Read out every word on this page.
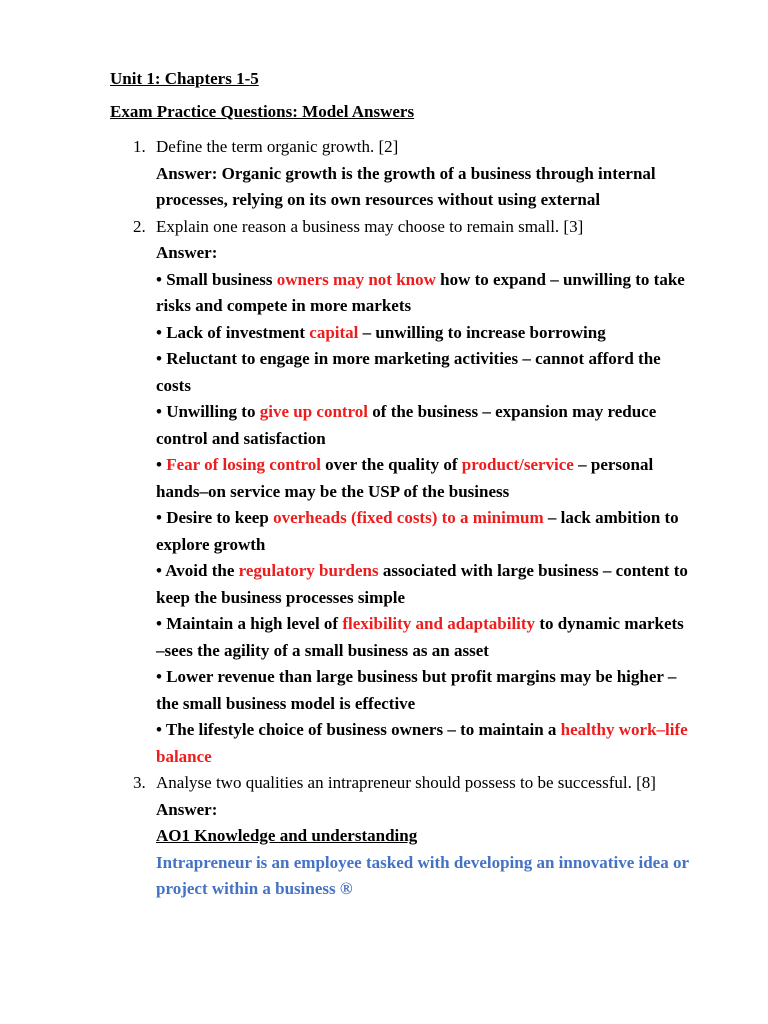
Unit 1: Chapters 1-5
Exam Practice Questions: Model Answers
1. Define the term organic growth. [2]
Answer: Organic growth is the growth of a business through internal processes, relying on its own resources without using external
2. Explain one reason a business may choose to remain small. [3]
Answer:
• Small business owners may not know how to expand – unwilling to take risks and compete in more markets
• Lack of investment capital – unwilling to increase borrowing
• Reluctant to engage in more marketing activities – cannot afford the costs
• Unwilling to give up control of the business – expansion may reduce control and satisfaction
• Fear of losing control over the quality of product/service – personal hands–on service may be the USP of the business
• Desire to keep overheads (fixed costs) to a minimum – lack ambition to explore growth
• Avoid the regulatory burdens associated with large business – content to keep the business processes simple
• Maintain a high level of flexibility and adaptability to dynamic markets –sees the agility of a small business as an asset
• Lower revenue than large business but profit margins may be higher –the small business model is effective
• The lifestyle choice of business owners – to maintain a healthy work–life balance
3. Analyse two qualities an intrapreneur should possess to be successful. [8]
Answer:
AO1 Knowledge and understanding
Intrapreneur is an employee tasked with developing an innovative idea or project within a business ®
